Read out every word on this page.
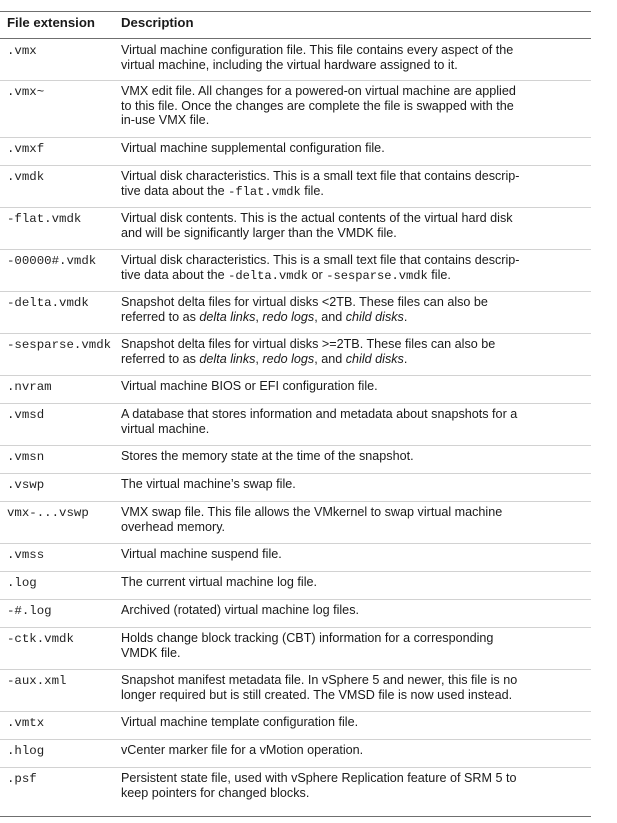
File extension Description
.vmx	Virtual machine configuration file. This file contains every aspect of the
virtual machine, including the virtual hardware assigned to it.
.vmx~	VMX edit file. All changes for a powered-on virtual machine are applied
to this file. Once the changes are complete the file is swapped with the
in-use VMX file.
.vmxf	Virtual machine supplemental configuration file.
.vmdk	Virtual disk characteristics. This is a small text file that contains descrip-
tive data about the -flat.vmdk file.
-flat.vmdk	Virtual disk contents. This is the actual contents of the virtual hard disk
and will be significantly larger than the VMDK file.
-00000#.vmdk Virtual disk characteristics. This is a small text file that contains descrip-
tive data about the -delta.vmdk or -sesparse.vmdk file.
-delta.vmdk	Snapshot delta files for virtual disks <2TB. These files can also be
referred to as delta links, redo logs, and child disks.
-sesparse.vmdk Snapshot delta files for virtual disks >=2TB. These files can also be
referred to as delta links, redo logs, and child disks.
.nvram	Virtual machine BIOS or EFI configuration file.
.vmsd	A database that stores information and metadata about snapshots for a
virtual machine.
.vmsn	Stores the memory state at the time of the snapshot.
.vswp	The virtual machine’s swap file.
vmx-...vswp	VMX swap file. This file allows the VMkernel to swap virtual machine
overhead memory.
.vmss	Virtual machine suspend file.
.log	The current virtual machine log file.
-#.log	Archived (rotated) virtual machine log files.
-ctk.vmdk	Holds change block tracking (CBT) information for a corresponding
VMDK file.
-aux.xml	Snapshot manifest metadata file. In vSphere 5 and newer, this file is no
longer required but is still created. The VMSD file is now used instead.
.vmtx	Virtual machine template configuration file.
.hlog	vCenter marker file for a vMotion operation.
.psf	Persistent state file, used with vSphere Replication feature of SRM 5 to
keep pointers for changed blocks.
